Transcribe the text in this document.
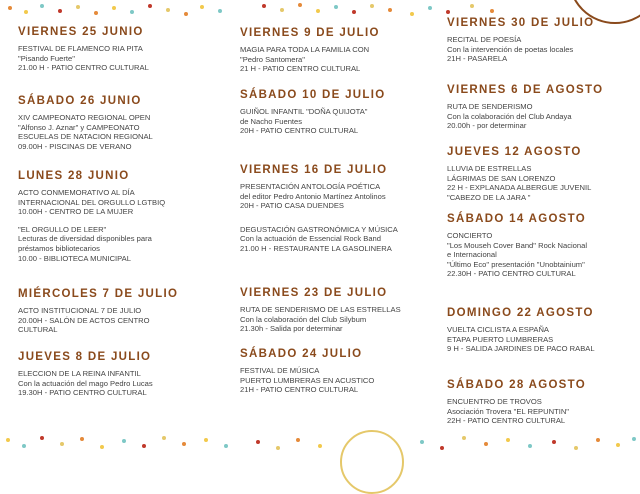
VIERNES 25 JUNIO
FESTIVAL DE FLAMENCO RIA PITA
"Pisando Fuerte"
21.00 H - PATIO CENTRO CULTURAL
SÁBADO 26 JUNIO
XIV CAMPEONATO REGIONAL OPEN
"Alfonso J. Aznar" y CAMPEONATO
ESCUELAS DE NATACION REGIONAL
09.00H - PISCINAS DE VERANO
LUNES 28 JUNIO
ACTO CONMEMORATIVO AL DÍA
INTERNACIONAL DEL ORGULLO LGTBIQ
10.00H - CENTRO DE LA MUJER
"EL ORGULLO DE LEER"
Lecturas de diversidad disponibles para
préstamos bibliotecarios
10.00 - BIBLIOTECA MUNICIPAL
MIÉRCOLES 7 DE JULIO
ACTO INSTITUCIONAL 7 DE JULIO
20.00H - SALÓN DE ACTOS CENTRO
CULTURAL
JUEVES 8 DE JULIO
ELECCION DE LA REINA INFANTIL
Con la actuación del mago Pedro Lucas
19.30H - PATIO CENTRO CULTURAL
VIERNES 9 DE JULIO
MAGIA PARA TODA LA FAMILIA CON
"Pedro Santomera"
21 H - PATIO CENTRO CULTURAL
SÁBADO 10 DE JULIO
GUIÑOL INFANTIL "DOÑA QUIJOTA"
de Nacho Fuentes
20H - PATIO CENTRO CULTURAL
VIERNES 16 DE JULIO
PRESENTACIÓN ANTOLOGÍA POÉTICA
del editor Pedro Antonio Martínez Antolinos
20H - PATIO CASA DUENDES
DEGUSTACIÓN GASTRONÓMICA Y MÚSICA
Con la actuación de Essencial Rock Band
21.00 H - RESTAURANTE LA GASOLINERA
VIERNES 23 DE JULIO
RUTA DE SENDERISMO DE LAS ESTRELLAS
Con la colaboración del Club Silybum
21.30h - Salida por determinar
SÁBADO 24 JULIO
FESTIVAL DE MÚSICA
PUERTO LUMBRERAS EN ACUSTICO
21H - PATIO CENTRO CULTURAL
VIERNES 30 DE JULIO
RECITAL DE POESÍA
Con la intervención de poetas locales
21H - PASARELA
VIERNES 6 DE AGOSTO
RUTA DE SENDERISMO
Con la colaboración del Club Andaya
20.00h - por determinar
JUEVES 12 AGOSTO
LLUVIA DE ESTRELLAS
LÁGRIMAS DE SAN LORENZO
22 H - EXPLANADA ALBERGUE JUVENIL
"CABEZO DE LA JARA "
SÁBADO 14 AGOSTO
CONCIERTO
"Los Mouseh Cover Band" Rock Nacional
e Internacional
"Último Eco" presentación "Unobtainium"
22.30H - PATIO CENTRO CULTURAL
DOMINGO 22 AGOSTO
VUELTA CICLISTA A ESPAÑA
ETAPA PUERTO LUMBRERAS
9 H - SALIDA JARDINES DE PACO RABAL
SÁBADO 28 AGOSTO
ENCUENTRO DE TROVOS
Asociación Trovera "EL REPUNTIN"
22H - PATIO CENTRO CULTURAL
